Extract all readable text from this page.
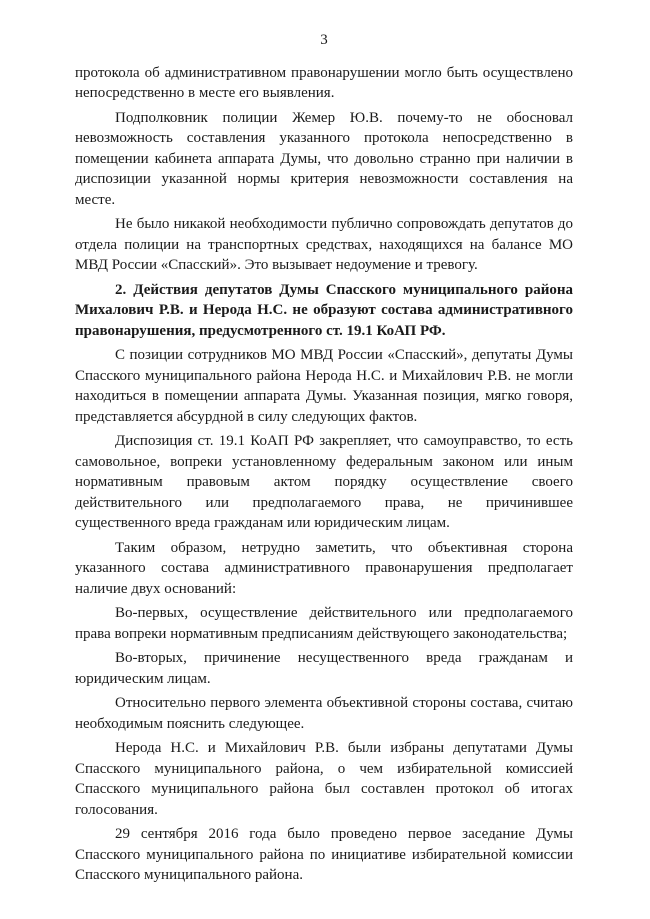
3

протокола об административном правонарушении могло быть осуществлено непосредственно в месте его выявления.

Подполковник полиции Жемер Ю.В. почему-то не обосновал невозможность составления указанного протокола непосредственно в помещении кабинета аппарата Думы, что довольно странно при наличии в диспозиции указанной нормы критерия невозможности составления на месте.

Не было никакой необходимости публично сопровождать депутатов до отдела полиции на транспортных средствах, находящихся на балансе МО МВД России «Спасский». Это вызывает недоумение и тревогу.

2. Действия депутатов Думы Спасского муниципального района Михалович Р.В. и Нерода Н.С. не образуют состава административного правонарушения, предусмотренного ст. 19.1 КоАП РФ.

С позиции сотрудников МО МВД России «Спасский», депутаты Думы Спасского муниципального района Нерода Н.С. и Михайлович Р.В. не могли находиться в помещении аппарата Думы. Указанная позиция, мягко говоря, представляется абсурдной в силу следующих фактов.

Диспозиция ст. 19.1 КоАП РФ закрепляет, что самоуправство, то есть самовольное, вопреки установленному федеральным законом или иным нормативным правовым актом порядку осуществление своего действительного или предполагаемого права, не причинившее существенного вреда гражданам или юридическим лицам.

Таким образом, нетрудно заметить, что объективная сторона указанного состава административного правонарушения предполагает наличие двух оснований:

Во-первых, осуществление действительного или предполагаемого права вопреки нормативным предписаниям действующего законодательства;

Во-вторых, причинение несущественного вреда гражданам и юридическим лицам.

Относительно первого элемента объективной стороны состава, считаю необходимым пояснить следующее.

Нерода Н.С. и Михайлович Р.В. были избраны депутатами Думы Спасского муниципального района, о чем избирательной комиссией Спасского муниципального района был составлен протокол об итогах голосования.

29 сентября 2016 года было проведено первое заседание Думы Спасского муниципального района по инициативе избирательной комиссии Спасского муниципального района.
